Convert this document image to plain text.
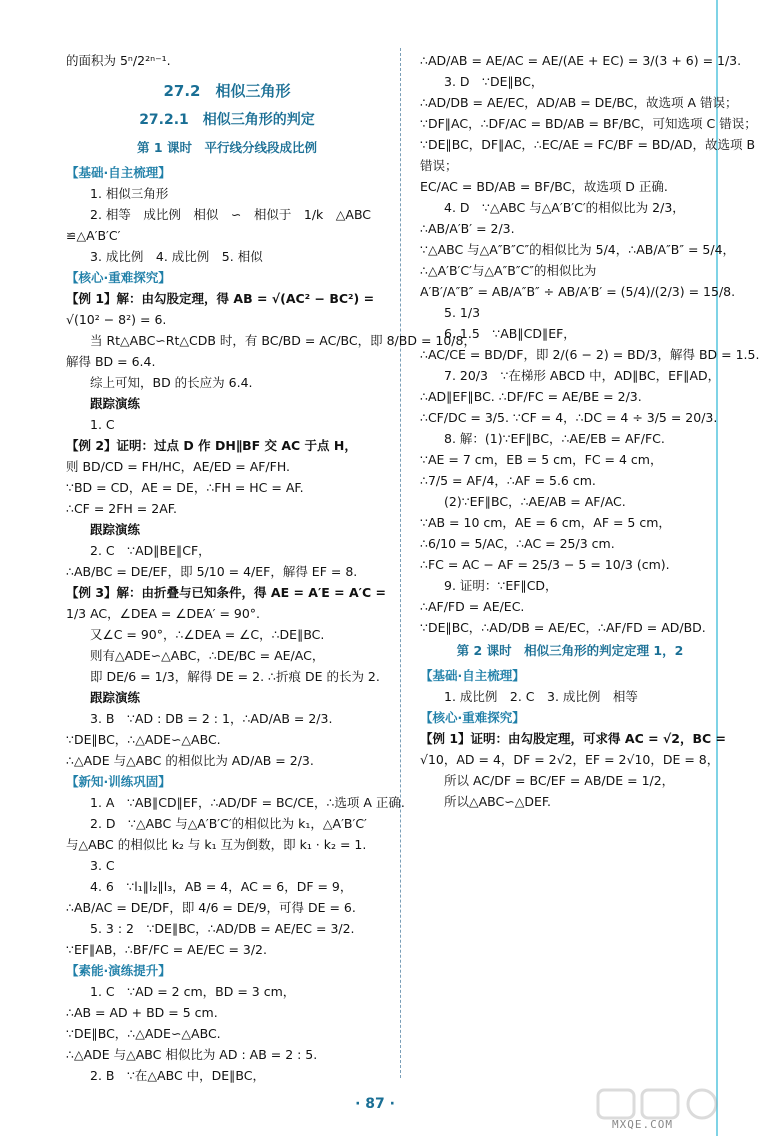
的面积为 5ⁿ/2²ⁿ⁻¹.
27.2　相似三角形
27.2.1　相似三角形的判定
第 1 课时　平行线分线段成比例
【基础·自主梳理】
1. 相似三角形
2. 相等　成比例　相似　∽　相似于　1/k　△ABC
≌△A′B′C′
3. 成比例　4. 成比例　5. 相似
【核心·重难探究】
【例 1】解：由勾股定理，得 AB = √(AC² − BC²) =
√(10² − 8²) = 6.
当 Rt△ABC∽Rt△CDB 时，有 BC/BD = AC/BC，即 8/BD = 10/8，
解得 BD = 6.4.
综上可知，BD 的长应为 6.4.
跟踪演练
1. C
【例 2】证明：过点 D 作 DH∥BF 交 AC 于点 H，
则 BD/CD = FH/HC，AE/ED = AF/FH.
∵BD = CD，AE = DE，∴FH = HC = AF.
∴CF = 2FH = 2AF.
跟踪演练
2. C　∵AD∥BE∥CF，
∴AB/BC = DE/EF，即 5/10 = 4/EF，解得 EF = 8.
【例 3】解：由折叠与已知条件，得 AE = A′E = A′C =
1/3 AC，∠DEA = ∠DEA′ = 90°.
又∠C = 90°，∴∠DEA = ∠C，∴DE∥BC.
则有△ADE∽△ABC，∴DE/BC = AE/AC，
即 DE/6 = 1/3，解得 DE = 2. ∴折痕 DE 的长为 2.
跟踪演练
3. B　∵AD : DB = 2 : 1，∴AD/AB = 2/3.
∵DE∥BC，∴△ADE∽△ABC.
∴△ADE 与△ABC 的相似比为 AD/AB = 2/3.
【新知·训练巩固】
1. A　∵AB∥CD∥EF，∴AD/DF = BC/CE，∴选项 A 正确.
2. D　∵△ABC 与△A′B′C′的相似比为 k₁，△A′B′C′
与△ABC 的相似比 k₂ 与 k₁ 互为倒数，即 k₁ · k₂ = 1.
3. C
4. 6　∵l₁∥l₂∥l₃，AB = 4，AC = 6，DF = 9，
∴AB/AC = DE/DF，即 4/6 = DE/9，可得 DE = 6.
5. 3 : 2　∵DE∥BC，∴AD/DB = AE/EC = 3/2.
∵EF∥AB，∴BF/FC = AE/EC = 3/2.
【素能·演练提升】
1. C　∵AD = 2 cm，BD = 3 cm，
∴AB = AD + BD = 5 cm.
∵DE∥BC，∴△ADE∽△ABC.
∴△ADE 与△ABC 相似比为 AD : AB = 2 : 5.
2. B　∵在△ABC 中，DE∥BC，
∴AD/AB = AE/AC = AE/(AE + EC) = 3/(3 + 6) = 1/3.
3. D　∵DE∥BC，
∴AD/DB = AE/EC，AD/AB = DE/BC，故选项 A 错误；
∵DF∥AC，∴DF/AC = BD/AB = BF/BC，可知选项 C 错误；
∵DE∥BC，DF∥AC，∴EC/AE = FC/BF = BD/AD，故选项 B
错误；
EC/AC = BD/AB = BF/BC，故选项 D 正确.
4. D　∵△ABC 与△A′B′C′的相似比为 2/3，
∴AB/A′B′ = 2/3.
∵△ABC 与△A″B″C″的相似比为 5/4，∴AB/A″B″ = 5/4，
∴△A′B′C′与△A″B″C″的相似比为
A′B′/A″B″ = AB/A″B″ ÷ AB/A′B′ = (5/4)/(2/3) = 15/8.
5. 1/3
6. 1.5　∵AB∥CD∥EF，
∴AC/CE = BD/DF，即 2/(6 − 2) = BD/3，解得 BD = 1.5.
7. 20/3　∵在梯形 ABCD 中，AD∥BC，EF∥AD，
∴AD∥EF∥BC. ∴DF/FC = AE/BE = 2/3.
∴CF/DC = 3/5. ∵CF = 4，∴DC = 4 ÷ 3/5 = 20/3.
8. 解：(1)∵EF∥BC，∴AE/EB = AF/FC.
∵AE = 7 cm，EB = 5 cm，FC = 4 cm，
∴7/5 = AF/4，∴AF = 5.6 cm.
(2)∵EF∥BC，∴AE/AB = AF/AC.
∵AB = 10 cm，AE = 6 cm，AF = 5 cm，
∴6/10 = 5/AC，∴AC = 25/3 cm.
∴FC = AC − AF = 25/3 − 5 = 10/3 (cm).
9. 证明：∵EF∥CD，
∴AF/FD = AE/EC.
∵DE∥BC，∴AD/DB = AE/EC，∴AF/FD = AD/BD.
第 2 课时　相似三角形的判定定理 1，2
【基础·自主梳理】
1. 成比例　2. C　3. 成比例　相等
【核心·重难探究】
【例 1】证明：由勾股定理，可求得 AC = √2，BC =
√10，AD = 4，DF = 2√2，EF = 2√10，DE = 8，
所以 AC/DF = BC/EF = AB/DE = 1/2，
所以△ABC∽△DEF.
· 87 ·
MXQE.COM
